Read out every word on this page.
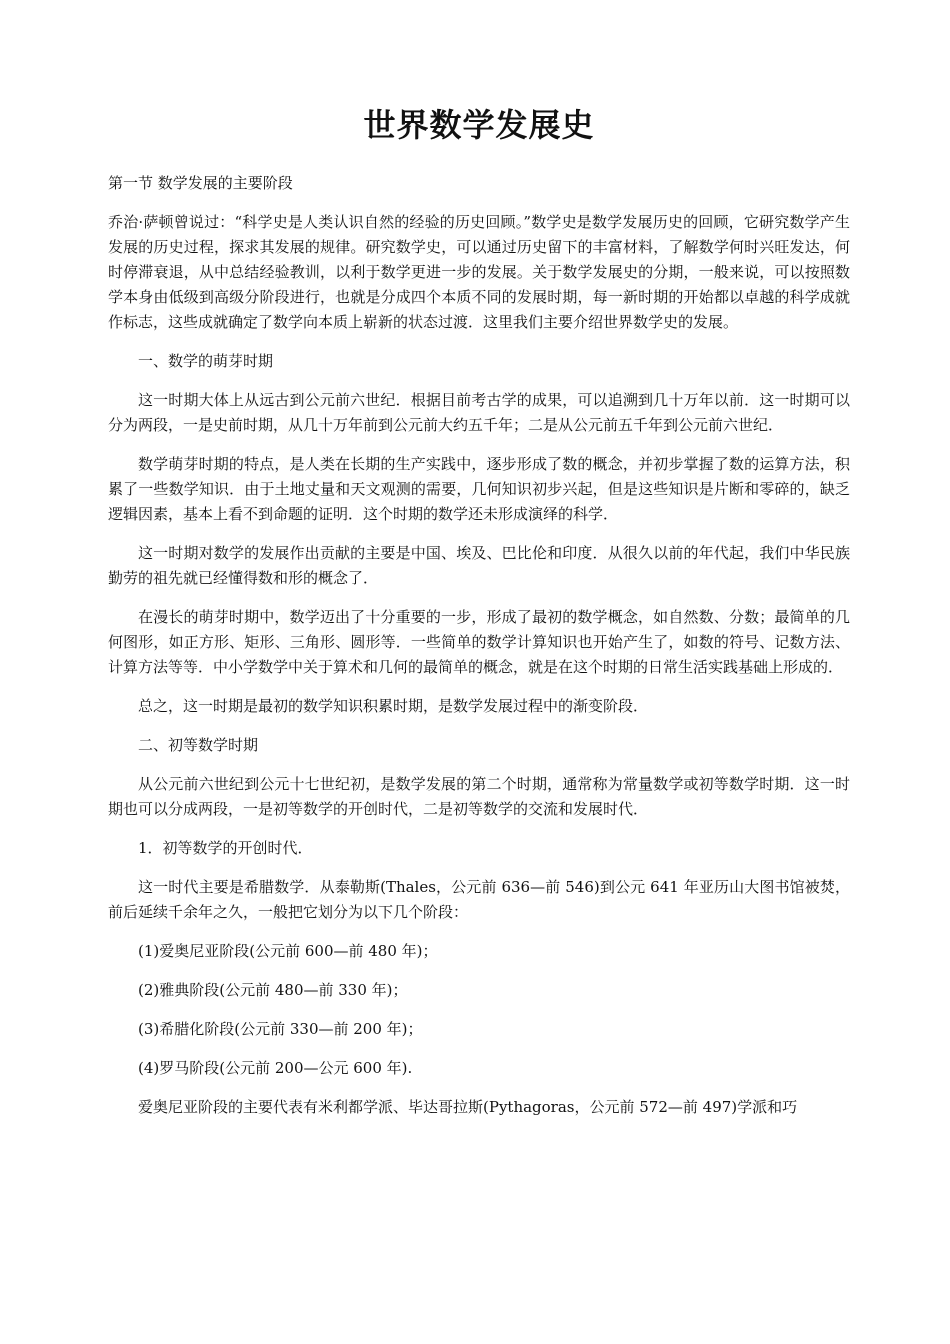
世界数学发展史

第一节 数学发展的主要阶段

乔治·萨顿曾说过：“科学史是人类认识自然的经验的历史回顾。”数学史是数学发展历史的回顾，它研究数学产生发展的历史过程，探求其发展的规律。研究数学史，可以通过历史留下的丰富材料，了解数学何时兴旺发达，何时停滞衰退，从中总结经验教训，以利于数学更进一步的发展。关于数学发展史的分期，一般来说，可以按照数学本身由低级到高级分阶段进行，也就是分成四个本质不同的发展时期，每一新时期的开始都以卓越的科学成就作标志，这些成就确定了数学向本质上崭新的状态过渡．这里我们主要介绍世界数学史的发展。

一、数学的萌芽时期

这一时期大体上从远古到公元前六世纪．根据目前考古学的成果，可以追溯到几十万年以前．这一时期可以分为两段，一是史前时期，从几十万年前到公元前大约五千年；二是从公元前五千年到公元前六世纪．

数学萌芽时期的特点，是人类在长期的生产实践中，逐步形成了数的概念，并初步掌握了数的运算方法，积累了一些数学知识．由于土地丈量和天文观测的需要，几何知识初步兴起，但是这些知识是片断和零碎的，缺乏逻辑因素，基本上看不到命题的证明．这个时期的数学还未形成演绎的科学．

这一时期对数学的发展作出贡献的主要是中国、埃及、巴比伦和印度．从很久以前的年代起，我们中华民族勤劳的祖先就已经懂得数和形的概念了．

在漫长的萌芽时期中，数学迈出了十分重要的一步，形成了最初的数学概念，如自然数、分数；最简单的几何图形，如正方形、矩形、三角形、圆形等．一些简单的数学计算知识也开始产生了，如数的符号、记数方法、计算方法等等．中小学数学中关于算术和几何的最简单的概念，就是在这个时期的日常生活实践基础上形成的．

总之，这一时期是最初的数学知识积累时期，是数学发展过程中的渐变阶段．

二、初等数学时期

从公元前六世纪到公元十七世纪初，是数学发展的第二个时期，通常称为常量数学或初等数学时期．这一时期也可以分成两段，一是初等数学的开创时代，二是初等数学的交流和发展时代．

1．初等数学的开创时代．

这一时代主要是希腊数学．从泰勒斯(Thales，公元前 636—前 546)到公元 641 年亚历山大图书馆被焚，前后延续千余年之久，一般把它划分为以下几个阶段：

(1)爱奥尼亚阶段(公元前 600—前 480 年)；

(2)雅典阶段(公元前 480—前 330 年)；

(3)希腊化阶段(公元前 330—前 200 年)；

(4)罗马阶段(公元前 200—公元 600 年).

爱奥尼亚阶段的主要代表有米利都学派、毕达哥拉斯(Pythagoras，公元前 572—前 497)学派和巧
